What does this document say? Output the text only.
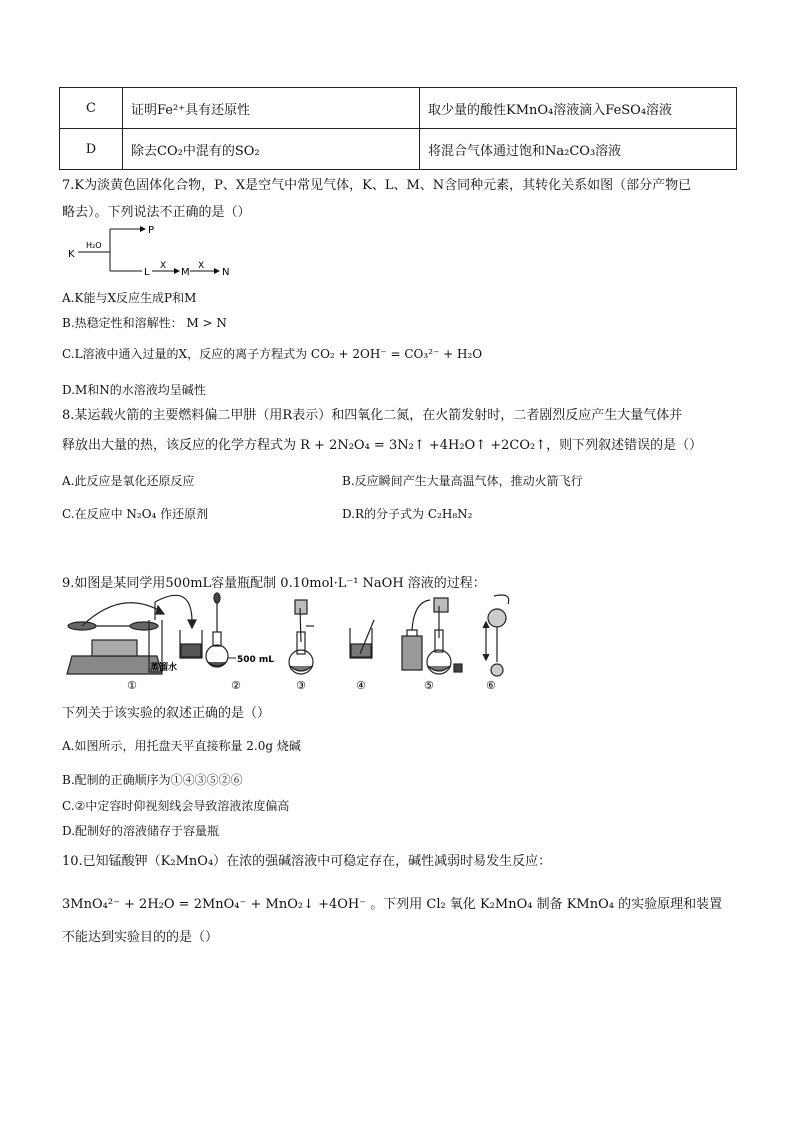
C	证明Fe²⁺具有还原性	取少量的酸性KMnO₄溶液滴入FeSO₄溶液
D	除去CO₂中混有的SO₂	将混合气体通过饱和Na₂CO₃溶液
7.K为淡黄色固体化合物，P、X是空气中常见气体，K、L、M、N含同种元素，其转化关系如图（部分产物已
略去）。下列说法不正确的是（）
K
H₂O
P
L
X
M
X
N
A.K能与X反应生成P和M
B.热稳定性和溶解性： M > N
C.L溶液中通入过量的X，反应的离子方程式为 CO₂ + 2OH⁻ = CO₃²⁻ + H₂O
D.M和N的水溶液均呈碱性
8.某运载火箭的主要燃料偏二甲肼（用R表示）和四氧化二氮，在火箭发射时，二者剧烈反应产生大量气体并
释放出大量的热，该反应的化学方程式为 R + 2N₂O₄ = 3N₂↑ +4H₂O↑ +2CO₂↑，则下列叙述错误的是（）
A.此反应是氧化还原反应	B.反应瞬间产生大量高温气体，推动火箭飞行
C.在反应中 N₂O₄ 作还原剂	D.R的分子式为 C₂H₈N₂
9.如图是某同学用500mL容量瓶配制 0.10mol·L⁻¹ NaOH 溶液的过程：
蒸馏水
500 mL
①	②	③	④	⑤	⑥
下列关于该实验的叙述正确的是（）
A.如图所示，用托盘天平直接称量 2.0g 烧碱
B.配制的正确顺序为①④③⑤②⑥
C.②中定容时仰视刻线会导致溶液浓度偏高
D.配制好的溶液储存于容量瓶
10.已知锰酸钾（K₂MnO₄）在浓的强碱溶液中可稳定存在，碱性减弱时易发生反应：
3MnO₄²⁻ + 2H₂O = 2MnO₄⁻ + MnO₂↓ +4OH⁻ 。下列用 Cl₂ 氧化 K₂MnO₄ 制备 KMnO₄ 的实验原理和装置
不能达到实验目的的是（）
